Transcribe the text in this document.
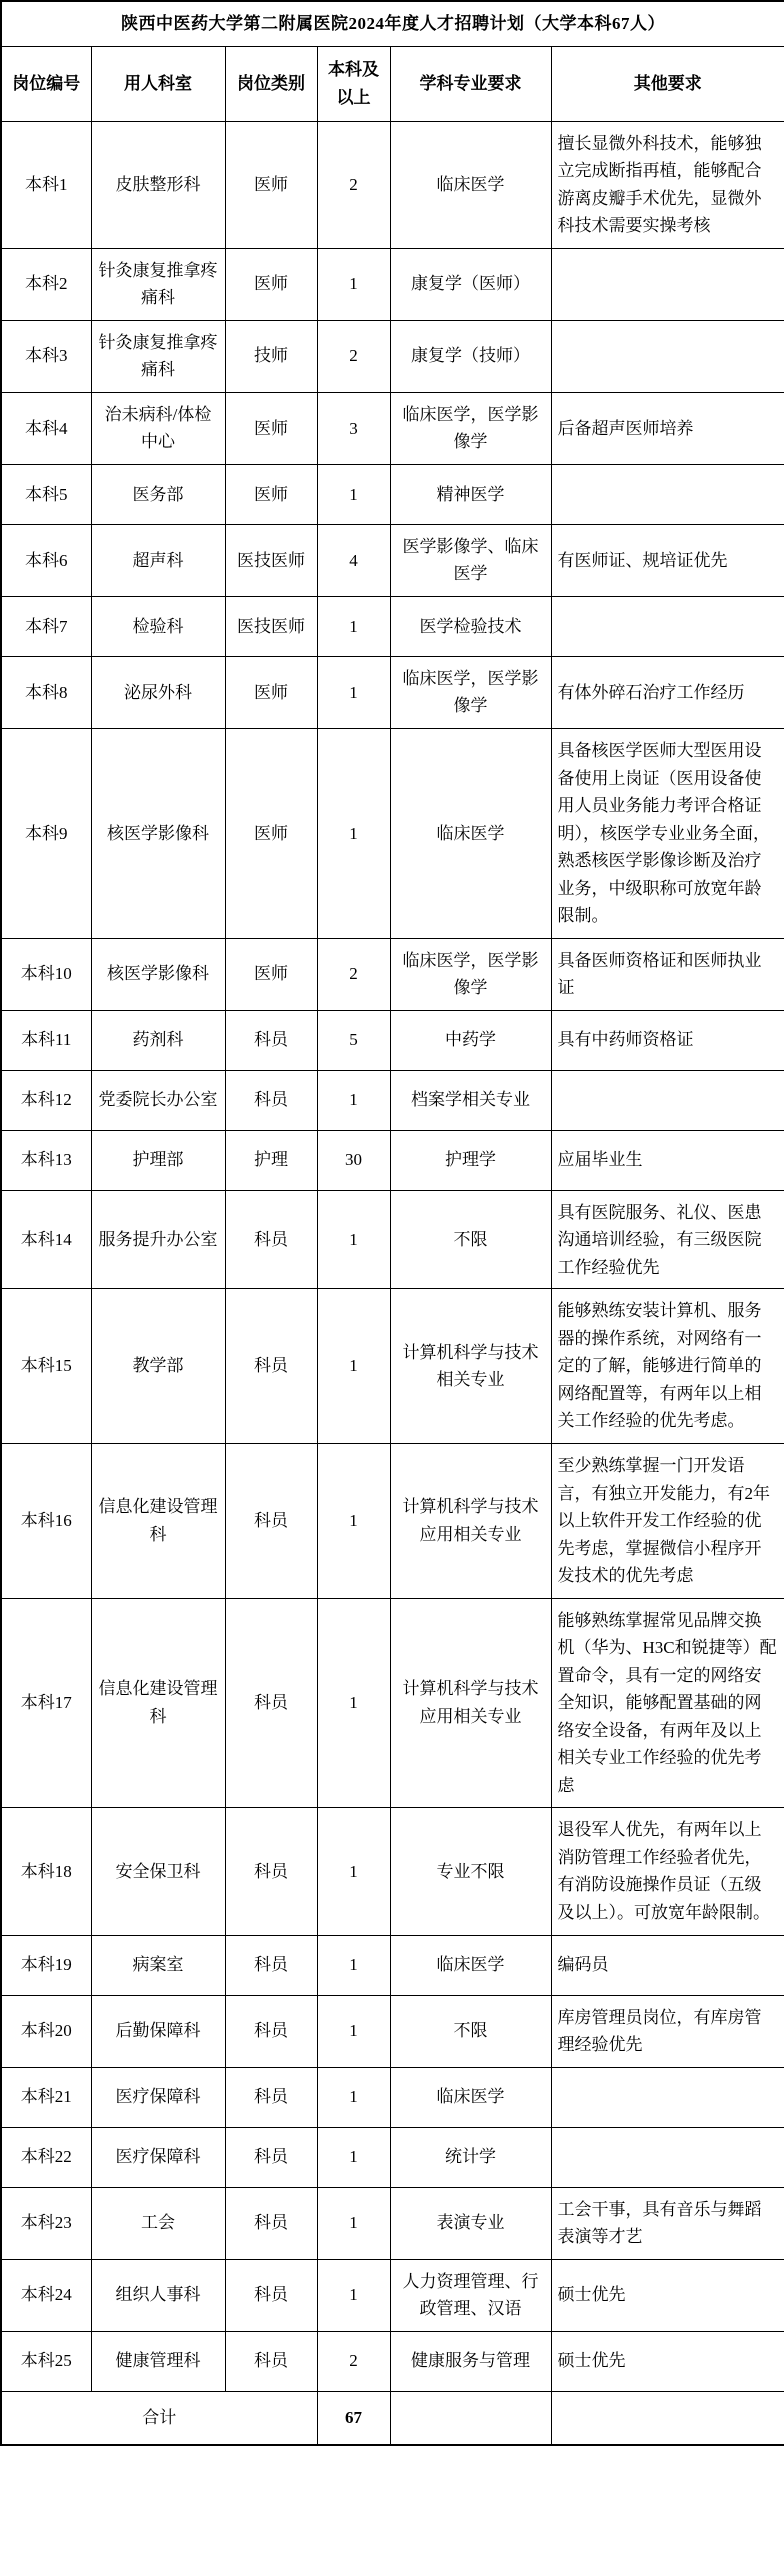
陕西中医药大学第二附属医院2024年度人才招聘计划（大学本科67人）					
岗位编号	用人科室	岗位类别	本科及以上	学科专业要求	其他要求
本科1	皮肤整形科	医师	2	临床医学	擅长显微外科技术，能够独立完成断指再植，能够配合游离皮瓣手术优先，显微外科技术需要实操考核
本科2	针灸康复推拿疼痛科	医师	1	康复学（医师）	
本科3	针灸康复推拿疼痛科	技师	2	康复学（技师）	
本科4	治未病科/体检中心	医师	3	临床医学，医学影像学	后备超声医师培养
本科5	医务部	医师	1	精神医学	
本科6	超声科	医技医师	4	医学影像学、临床医学	有医师证、规培证优先
本科7	检验科	医技医师	1	医学检验技术	
本科8	泌尿外科	医师	1	临床医学，医学影像学	有体外碎石治疗工作经历
本科9	核医学影像科	医师	1	临床医学	具备核医学医师大型医用设备使用上岗证（医用设备使用人员业务能力考评合格证明），核医学专业业务全面，熟悉核医学影像诊断及治疗业务，中级职称可放宽年龄限制。
本科10	核医学影像科	医师	2	临床医学，医学影像学	具备医师资格证和医师执业证
本科11	药剂科	科员	5	中药学	具有中药师资格证
本科12	党委院长办公室	科员	1	档案学相关专业	
本科13	护理部	护理	30	护理学	应届毕业生
本科14	服务提升办公室	科员	1	不限	具有医院服务、礼仪、医患沟通培训经验，有三级医院工作经验优先
本科15	教学部	科员	1	计算机科学与技术相关专业	能够熟练安装计算机、服务器的操作系统，对网络有一定的了解，能够进行简单的网络配置等，有两年以上相关工作经验的优先考虑。
本科16	信息化建设管理科	科员	1	计算机科学与技术应用相关专业	至少熟练掌握一门开发语言，有独立开发能力，有2年以上软件开发工作经验的优先考虑，掌握微信小程序开发技术的优先考虑
本科17	信息化建设管理科	科员	1	计算机科学与技术应用相关专业	能够熟练掌握常见品牌交换机（华为、H3C和锐捷等）配置命令，具有一定的网络安全知识，能够配置基础的网络安全设备，有两年及以上相关专业工作经验的优先考虑
本科18	安全保卫科	科员	1	专业不限	退役军人优先，有两年以上消防管理工作经验者优先，有消防设施操作员证（五级及以上）。可放宽年龄限制。
本科19	病案室	科员	1	临床医学	编码员
本科20	后勤保障科	科员	1	不限	库房管理员岗位，有库房管理经验优先
本科21	医疗保障科	科员	1	临床医学	
本科22	医疗保障科	科员	1	统计学	
本科23	工会	科员	1	表演专业	工会干事，具有音乐与舞蹈表演等才艺
本科24	组织人事科	科员	1	人力资理管理、行政管理、汉语	硕士优先
本科25	健康管理科	科员	2	健康服务与管理	硕士优先
合计			67		
